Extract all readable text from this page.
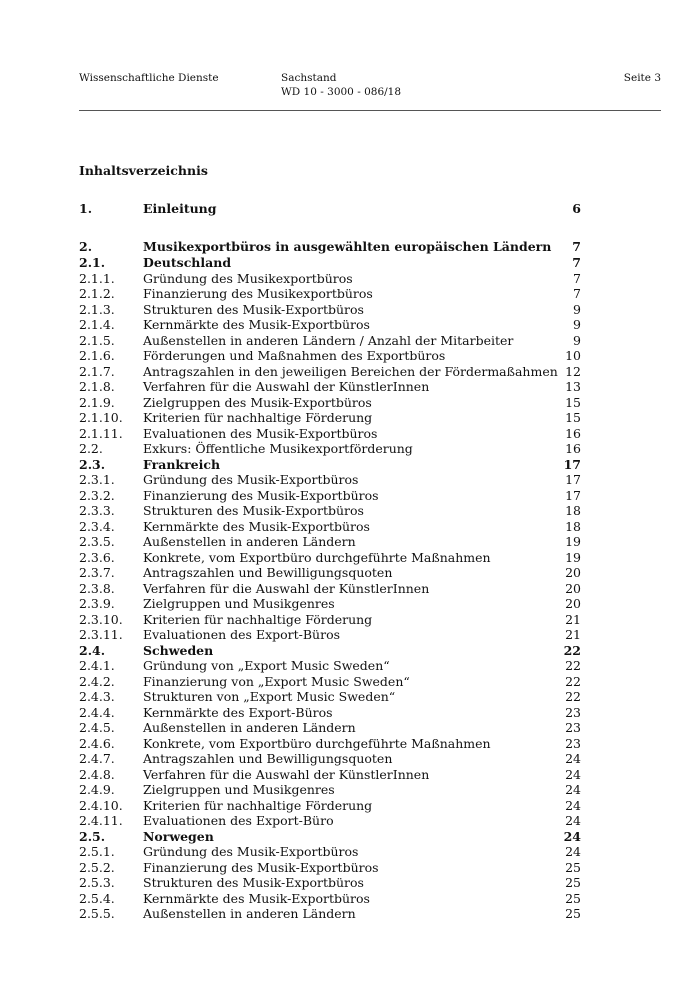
Wissenschaftliche Dienste	Sachstand
WD 10 - 3000 - 086/18
Seite 3
Inhaltsverzeichnis
1.	Einleitung	6
2.	Musikexportbüros in ausgewählten europäischen Ländern 7
2.1.	Deutschland	7
2.1.1. Gründung des Musikexportbüros	7
2.1.2. Finanzierung des Musikexportbüros	7
2.1.3. Strukturen des Musik-Exportbüros	9
2.1.4. Kernmärkte des Musik-Exportbüros	9
2.1.5. Außenstellen in anderen Ländern / Anzahl der Mitarbeiter	9
2.1.6. Förderungen und Maßnahmen des Exportbüros	10
2.1.7. Antragszahlen in den jeweiligen Bereichen der Fördermaßahmen 12
2.1.8. Verfahren für die Auswahl der KünstlerInnen	13
2.1.9. Zielgruppen des Musik-Exportbüros	15
2.1.10. Kriterien für nachhaltige Förderung	15
2.1.11. Evaluationen des Musik-Exportbüros	16
2.2.	Exkurs: Öffentliche Musikexportförderung	16
2.3.	Frankreich	17
2.3.1. Gründung des Musik-Exportbüros	17
2.3.2. Finanzierung des Musik-Exportbüros	17
2.3.3. Strukturen des Musik-Exportbüros	18
2.3.4. Kernmärkte des Musik-Exportbüros	18
2.3.5. Außenstellen in anderen Ländern	19
2.3.6. Konkrete, vom Exportbüro durchgeführte Maßnahmen	19
2.3.7. Antragszahlen und Bewilligungsquoten	20
2.3.8. Verfahren für die Auswahl der KünstlerInnen	20
2.3.9. Zielgruppen und Musikgenres	20
2.3.10. Kriterien für nachhaltige Förderung	21
2.3.11. Evaluationen des Export-Büros	21
2.4.	Schweden	22
2.4.1. Gründung von „Export Music Sweden“	22
2.4.2. Finanzierung von „Export Music Sweden“	22
2.4.3. Strukturen von „Export Music Sweden“	22
2.4.4. Kernmärkte des Export-Büros	23
2.4.5. Außenstellen in anderen Ländern	23
2.4.6. Konkrete, vom Exportbüro durchgeführte Maßnahmen	23
2.4.7. Antragszahlen und Bewilligungsquoten	24
2.4.8. Verfahren für die Auswahl der KünstlerInnen	24
2.4.9. Zielgruppen und Musikgenres	24
2.4.10. Kriterien für nachhaltige Förderung	24
2.4.11. Evaluationen des Export-Büro	24
2.5.	Norwegen	24
2.5.1. Gründung des Musik-Exportbüros	24
2.5.2. Finanzierung des Musik-Exportbüros	25
2.5.3. Strukturen des Musik-Exportbüros	25
2.5.4. Kernmärkte des Musik-Exportbüros	25
2.5.5. Außenstellen in anderen Ländern	25
